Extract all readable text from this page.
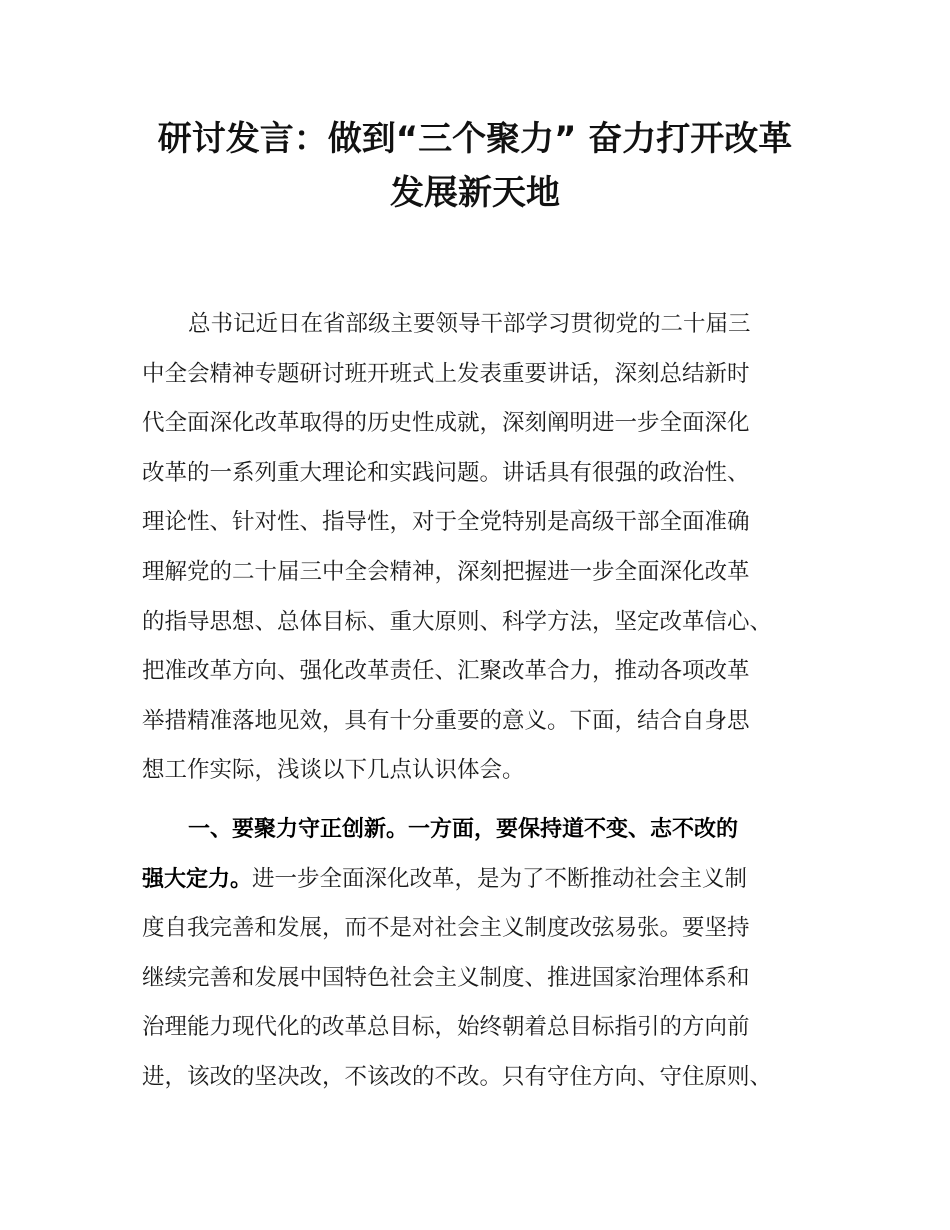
研讨发言：做到“三个聚力” 奋力打开改革
发展新天地
总书记近日在省部级主要领导干部学习贯彻党的二十届三
中全会精神专题研讨班开班式上发表重要讲话，深刻总结新时
代全面深化改革取得的历史性成就，深刻阐明进一步全面深化
改革的一系列重大理论和实践问题。讲话具有很强的政治性、
理论性、针对性、指导性，对于全党特别是高级干部全面准确
理解党的二十届三中全会精神，深刻把握进一步全面深化改革
的指导思想、总体目标、重大原则、科学方法，坚定改革信心、
把准改革方向、强化改革责任、汇聚改革合力，推动各项改革
举措精准落地见效，具有十分重要的意义。下面，结合自身思
想工作实际，浅谈以下几点认识体会。
一、要聚力守正创新。一方面，要保持道不变、志不改的
强大定力。进一步全面深化改革，是为了不断推动社会主义制
度自我完善和发展，而不是对社会主义制度改弦易张。要坚持
继续完善和发展中国特色社会主义制度、推进国家治理体系和
治理能力现代化的改革总目标，始终朝着总目标指引的方向前
进，该改的坚决改，不该改的不改。只有守住方向、守住原则、
